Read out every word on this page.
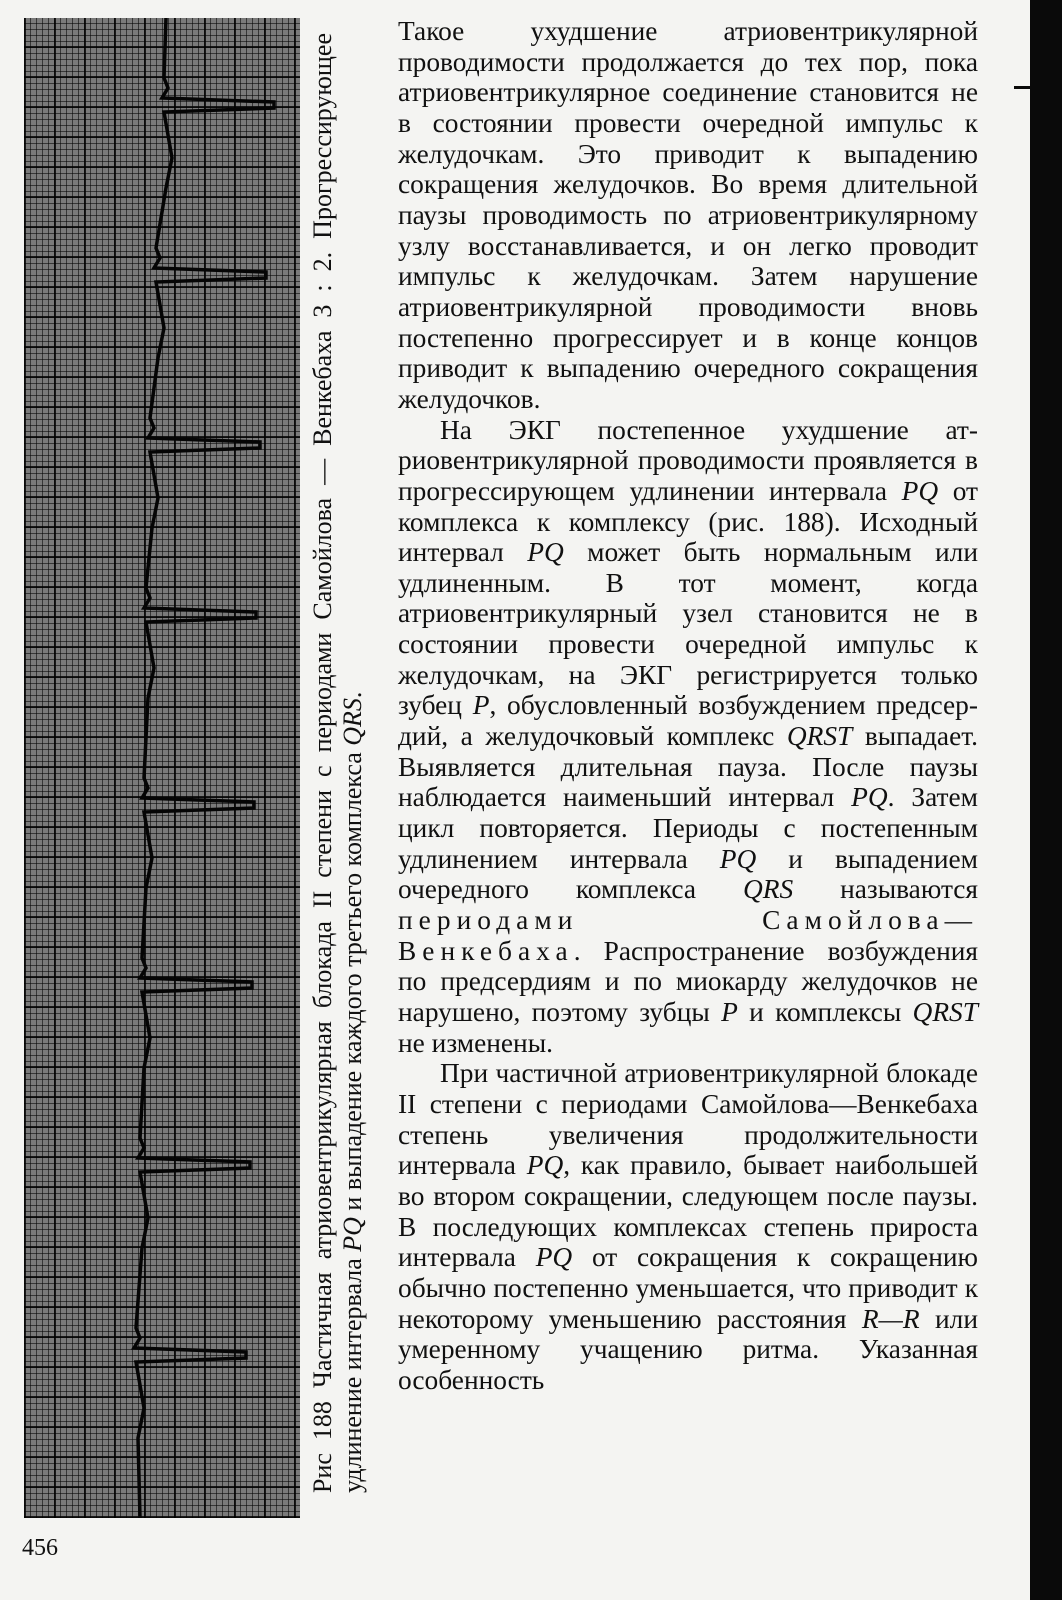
Рис 188 Частичная атриовентрикулярная блокада II степени с периодами Самойлова — Венкебаха 3 : 2. Прогрессирующее удлинение интервала PQ и выпадение каждого третьего комплекса QRS.
456

Такое ухудшение атриовентрикулярной проводимости продолжается до тех пор, пока атриовентрикулярное соединение становится не в состоянии провести очередной импульс к желудочкам. Это приводит к выпадению сокращения желудочков. Во время длительной паузы проводимость по атриовентрикулярному узлу восстанавливается, и он легко проводит импульс к желудочкам. Затем нарушение атриовентрикулярной проводимости вновь постепенно прогрессирует и в конце концов приводит к выпадению очередного сокращения желудочков.

На ЭКГ постепенное ухудшение атриовентрикулярной проводимости проявляется в прогрессирующем удлинении интервала PQ от комплекса к комплексу (рис. 188). Исходный интервал PQ может быть нормальным или удлиненным. В тот момент, когда атриовентрикулярный узел становится не в состоянии провести очередной импульс к желудочкам, на ЭКГ регистрируется только зубец P, обусловленный возбуждением предсердий, а желудочковый комплекс QRST выпадает. Выявляется длительная пауза. После паузы наблюдается наименьший интервал PQ. Затем цикл повторяется. Периоды с постепенным удлинением интервала PQ и выпадением очередного комплекса QRS называются периодами Самойлова—Венкебаха. Распространение возбуждения по предсердиям и по миокарду желудочков не нарушено, поэтому зубцы P и комплексы QRST не изменены.

При частичной атриовентрикулярной блокаде II степени с периодами Самойлова—Венкебаха степень увеличения продолжительности интервала PQ, как правило, бывает наибольшей во втором сокращении, следующем после паузы. В последующих комплексах степень прироста интервала PQ от сокращения к сокращению обычно постепенно уменьшается, что приводит к некоторому уменьшению расстояния R—R или умеренному учащению ритма. Указанная особенность
